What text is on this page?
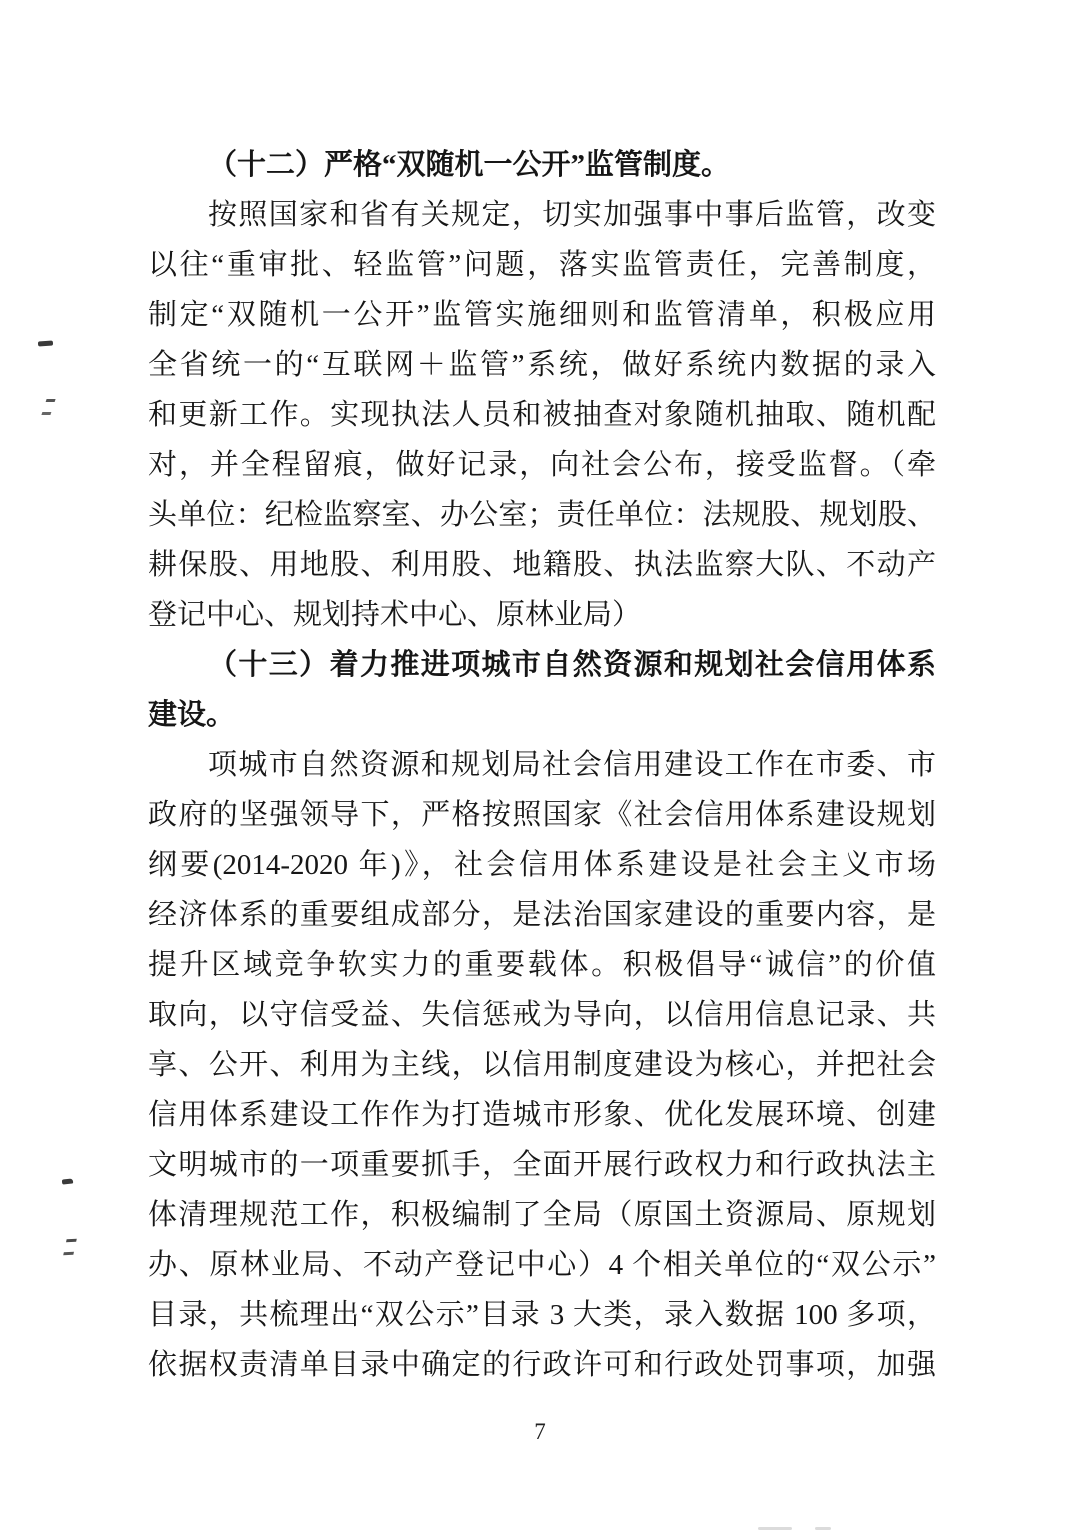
（十二）严格“双随机一公开”监管制度。
按照国家和省有关规定，切实加强事中事后监管，改变
以往“重审批、轻监管”问题，落实监管责任，完善制度，
制定“双随机一公开”监管实施细则和监管清单，积极应用
全省统一的“互联网＋监管”系统，做好系统内数据的录入
和更新工作。实现执法人员和被抽查对象随机抽取、随机配
对，并全程留痕，做好记录，向社会公布，接受监督。（牵
头单位：纪检监察室、办公室；责任单位：法规股、规划股、
耕保股、用地股、利用股、地籍股、执法监察大队、不动产
登记中心、规划持术中心、原林业局）
（十三）着力推进项城市自然资源和规划社会信用体系
建设。
项城市自然资源和规划局社会信用建设工作在市委、市
政府的坚强领导下，严格按照国家《社会信用体系建设规划
纲要(2014-2020 年)》，社会信用体系建设是社会主义市场
经济体系的重要组成部分，是法治国家建设的重要内容，是
提升区域竞争软实力的重要载体。积极倡导“诚信”的价值
取向，以守信受益、失信惩戒为导向，以信用信息记录、共
享、公开、利用为主线，以信用制度建设为核心，并把社会
信用体系建设工作作为打造城市形象、优化发展环境、创建
文明城市的一项重要抓手，全面开展行政权力和行政执法主
体清理规范工作，积极编制了全局（原国土资源局、原规划
办、原林业局、不动产登记中心）4 个相关单位的“双公示”
目录，共梳理出“双公示”目录 3 大类，录入数据 100 多项，
依据权责清单目录中确定的行政许可和行政处罚事项，加强
7
